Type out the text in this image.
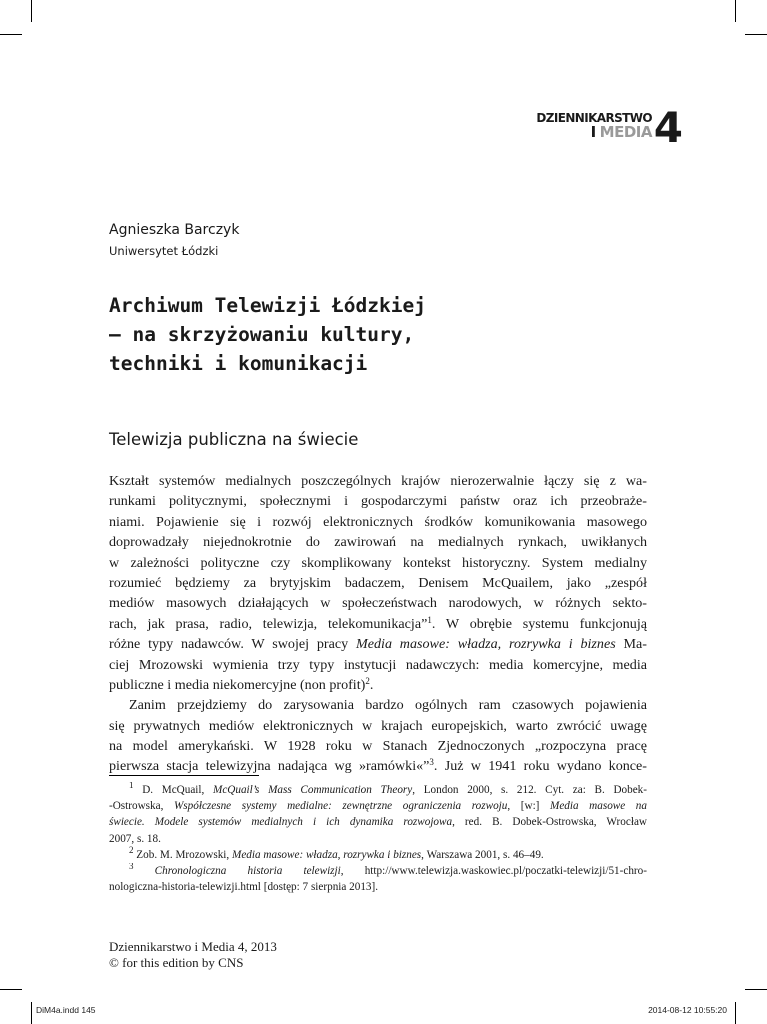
DZIENNIKARSTWO
I MEDIA 4
Agnieszka Barczyk
Uniwersytet Łódzki
Archiwum Telewizji Łódzkiej
— na skrzyżowaniu kultury,
techniki i komunikacji
Telewizja publiczna na świecie
Kształt systemów medialnych poszczególnych krajów nierozerwalnie łączy się z wa-
runkami politycznymi, społecznymi i gospodarczymi państw oraz ich przeobraże-
niami. Pojawienie się i rozwój elektronicznych środków komunikowania masowego
doprowadzały niejednokrotnie do zawirowań na medialnych rynkach, uwikłanych
w zależności polityczne czy skomplikowany kontekst historyczny. System medialny
rozumieć będziemy za brytyjskim badaczem, Denisem McQuailem, jako „zespół
mediów masowych działających w społeczeństwach narodowych, w różnych sekto-
rach, jak prasa, radio, telewizja, telekomunikacja”$^1$. W obrębie systemu funkcjonują
różne typy nadawców. W swojej pracy Media masowe: władza, rozrywka i biznes Ma-
ciej Mrozowski wymienia trzy typy instytucji nadawczych: media komercyjne, media
publiczne i media niekomercyjne (non profit)$^2$.
Zanim przejdziemy do zarysowania bardzo ogólnych ram czasowych pojawienia
się prywatnych mediów elektronicznych w krajach europejskich, warto zwrócić uwagę
na model amerykański. W 1928 roku w Stanach Zjednoczonych „rozpoczyna pracę
pierwsza stacja telewizyjna nadająca wg »ramówki«”$^3$. Już w 1941 roku wydano konce-
$^1$ D. McQuail, McQuail’s Mass Communication Theory, London 2000, s. 212. Cyt. za: B. Dobek-
-Ostrowska, Współczesne systemy medialne: zewnętrzne ograniczenia rozwoju, [w:] Media masowe na
świecie. Modele systemów medialnych i ich dynamika rozwojowa, red. B. Dobek-Ostrowska, Wrocław
2007, s. 18.
$^2$ Zob. M. Mrozowski, Media masowe: władza, rozrywka i biznes, Warszawa 2001, s. 46–49.
$^3$ Chronologiczna historia telewizji, http://www.telewizja.waskowiec.pl/poczatki-telewizji/51-chro-
nologiczna-historia-telewizji.html [dostęp: 7 sierpnia 2013].
Dziennikarstwo i Media 4, 2013
© for this edition by CNS
DiM4a.indd 145	2014-08-12 10:55:20
